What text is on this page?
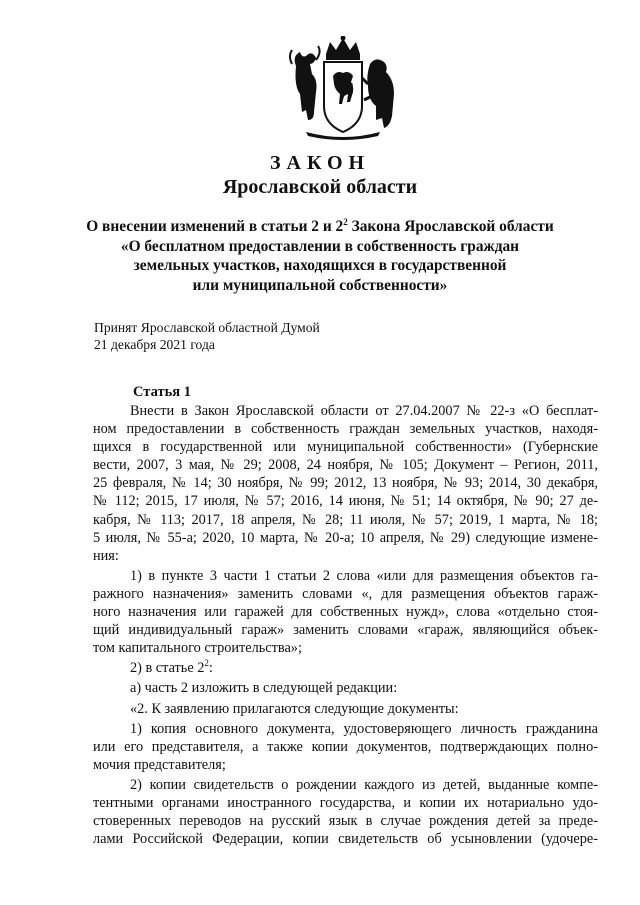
ЗАКОН
Ярославской области
О внесении изменений в статьи 2 и $2^2$ Закона Ярославской области
«О бесплатном предоставлении в собственность граждан
земельных участков, находящихся в государственной
или муниципальной собственности»
Принят Ярославской областной Думой
21 декабря 2021 года
Статья 1

Внести в Закон Ярославской области от 27.04.2007 № 22-з «О бесплат-
ном предоставлении в собственность граждан земельных участков, находя-
щихся в государственной или муниципальной собственности» (Губернские
вести, 2007, 3 мая, № 29; 2008, 24 ноября, № 105; Документ – Регион, 2011,
25 февраля, № 14; 30 ноября, № 99; 2012, 13 ноября, № 93; 2014, 30 декабря,
№ 112; 2015, 17 июля, № 57; 2016, 14 июня, № 51; 14 октября, № 90; 27 де-
кабря, № 113; 2017, 18 апреля, № 28; 11 июля, № 57; 2019, 1 марта, № 18;
5 июля, № 55-а; 2020, 10 марта, № 20-а; 10 апреля, № 29) следующие измене-
ния:

1) в пункте 3 части 1 статьи 2 слова «или для размещения объектов га-
ражного назначения» заменить словами «, для размещения объектов гараж-
ного назначения или гаражей для собственных нужд», слова «отдельно стоя-
щий индивидуальный гараж» заменить словами «гараж, являющийся объек-
том капитального строительства»;

2) в статье $2^2$:

а) часть 2 изложить в следующей редакции:

«2. К заявлению прилагаются следующие документы:

1) копия основного документа, удостоверяющего личность гражданина
или его представителя, а также копии документов, подтверждающих полно-
мочия представителя;

2) копии свидетельств о рождении каждого из детей, выданные компе-
тентными органами иностранного государства, и копии их нотариально удо-
стоверенных переводов на русский язык в случае рождения детей за преде-
лами Российской Федерации, копии свидетельств об усыновлении (удочере-
